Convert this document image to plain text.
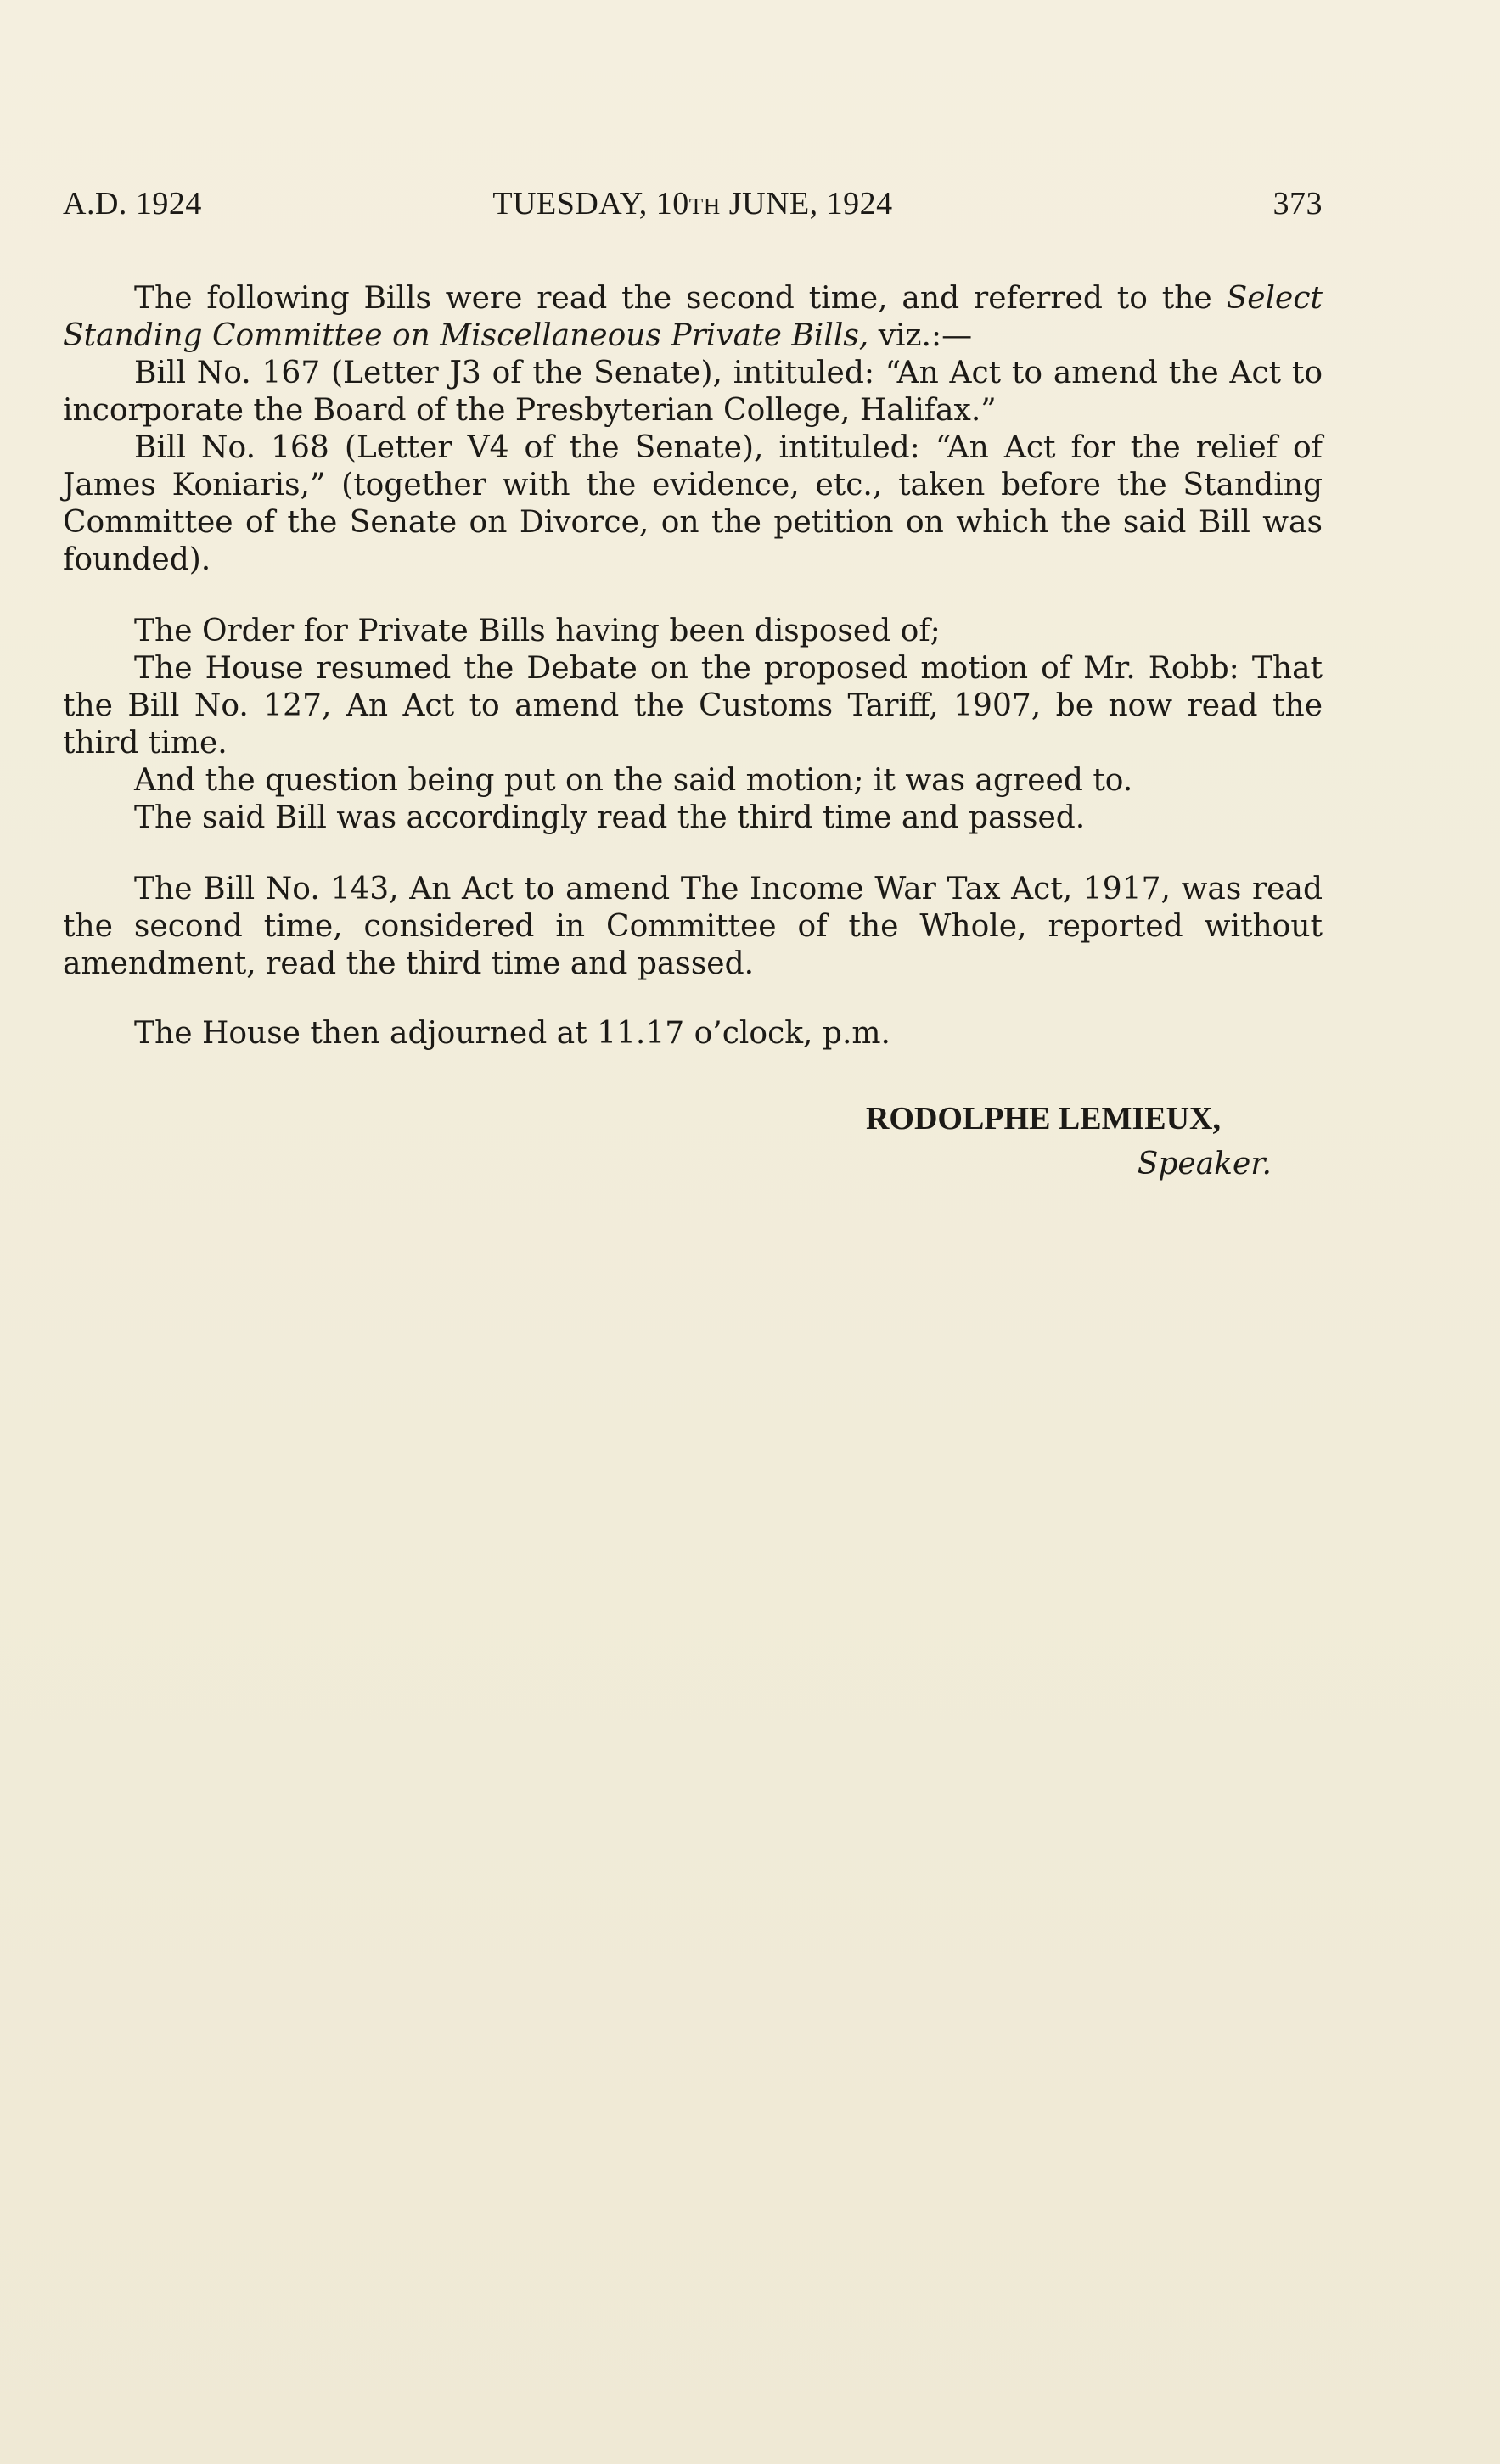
A.D. 1924	TUESDAY, 10th JUNE, 1924	373

The following Bills were read the second time, and referred to the Select Standing Committee on Miscellaneous Private Bills, viz.:—

Bill No. 167 (Letter J3 of the Senate), intituled: “An Act to amend the Act to incorporate the Board of the Presbyterian College, Halifax.”

Bill No. 168 (Letter V4 of the Senate), intituled: “An Act for the relief of James Koniaris,” (together with the evidence, etc., taken before the Standing Committee of the Senate on Divorce, on the petition on which the said Bill was founded).

The Order for Private Bills having been disposed of;

The House resumed the Debate on the proposed motion of Mr. Robb: That the Bill No. 127, An Act to amend the Customs Tariff, 1907, be now read the third time.

And the question being put on the said motion; it was agreed to.

The said Bill was accordingly read the third time and passed.

The Bill No. 143, An Act to amend The Income War Tax Act, 1917, was read the second time, considered in Committee of the Whole, reported without amendment, read the third time and passed.

The House then adjourned at 11.17 o’clock, p.m.

RODOLPHE LEMIEUX,
Speaker.
